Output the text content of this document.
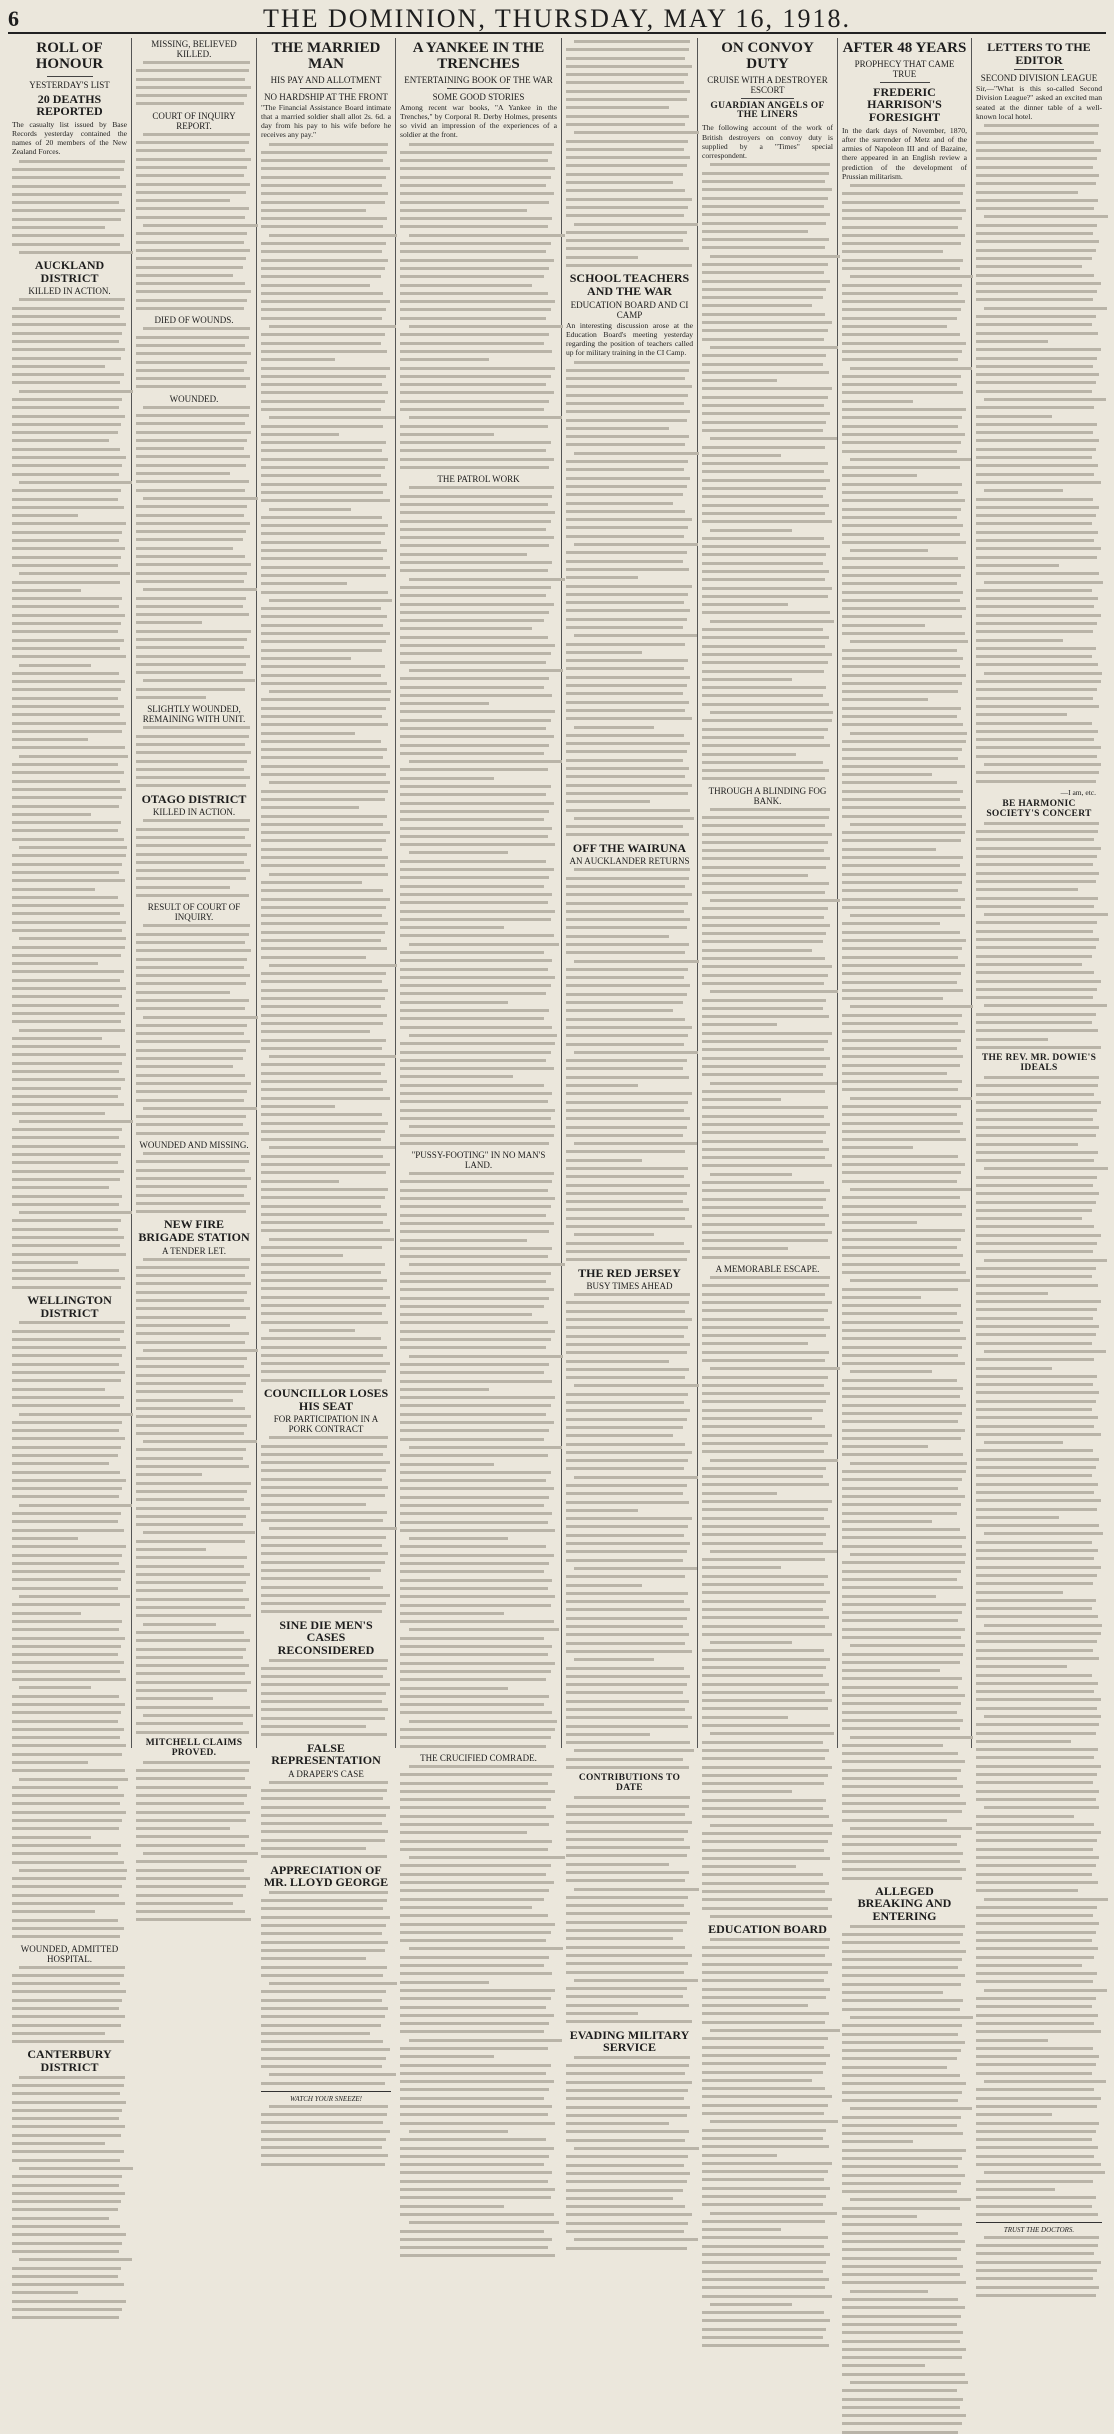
6	THE DOMINION, THURSDAY, MAY 16, 1918.
ROLL OF HONOUR
YESTERDAY'S LIST
20 DEATHS REPORTED

The casualty list issued by Base Records yesterday contained the names of 20 members of the New Zealand Forces.

AUCKLAND DISTRICT
KILLED IN ACTION.
WELLINGTON DISTRICT
WOUNDED, ADMITTED HOSPITAL.
CANTERBURY DISTRICT
MISSING, BELIEVED KILLED.
COURT OF INQUIRY REPORT.
DIED OF WOUNDS.
WOUNDED.
SLIGHTLY WOUNDED, REMAINING WITH UNIT.
OTAGO DISTRICT
KILLED IN ACTION.
RESULT OF COURT OF INQUIRY.
WOUNDED AND MISSING.
NEW FIRE BRIGADE STATION
A TENDER LET.
MITCHELL CLAIMS PROVED.
THE MARRIED MAN
HIS PAY AND ALLOTMENT
NO HARDSHIP AT THE FRONT

"The Financial Assistance Board intimate that a married soldier shall allot 2s. 6d. a day from his pay to his wife before he receives any pay."

COUNCILLOR LOSES HIS SEAT
FOR PARTICIPATION IN A PORK CONTRACT
SINE DIE MEN'S CASES RECONSIDERED
FALSE REPRESENTATION
A DRAPER'S CASE
APPRECIATION OF MR. LLOYD GEORGE
WATCH YOUR SNEEZE!
A YANKEE IN THE TRENCHES
ENTERTAINING BOOK OF THE WAR
SOME GOOD STORIES

Among recent war books, "A Yankee in the Trenches," by Corporal R. Derby Holmes, presents so vivid an impression of the experiences of a soldier at the front.

THE PATROL WORK
"PUSSY-FOOTING" IN NO MAN'S LAND.
THE CRUCIFIED COMRADE.
SCHOOL TEACHERS AND THE WAR
EDUCATION BOARD AND CI CAMP

An interesting discussion arose at the Education Board's meeting yesterday regarding the position of teachers called up for military training in the CI Camp.

OFF THE WAIRUNA
AN AUCKLANDER RETURNS
THE RED JERSEY
BUSY TIMES AHEAD
CONTRIBUTIONS TO DATE
EVADING MILITARY SERVICE
ON CONVOY DUTY
CRUISE WITH A DESTROYER ESCORT
GUARDIAN ANGELS OF THE LINERS

The following account of the work of British destroyers on convoy duty is supplied by a "Times" special correspondent.

THROUGH A BLINDING FOG BANK.
A MEMORABLE ESCAPE.
EDUCATION BOARD
AFTER 48 YEARS
PROPHECY THAT CAME TRUE
FREDERIC HARRISON'S FORESIGHT

In the dark days of November, 1870, after the surrender of Metz and of the armies of Napoleon III and of Bazaine, there appeared in an English review a prediction of the development of Prussian militarism.

ALLEGED BREAKING AND ENTERING
LETTERS TO THE EDITOR
SECOND DIVISION LEAGUE

Sir,—"What is this so-called Second Division League?" asked an excited man seated at the dinner table of a well-known local hotel.

—I am, etc.
BE HARMONIC SOCIETY'S CONCERT
THE REV. MR. DOWIE'S IDEALS
TRUST THE DOCTORS.
